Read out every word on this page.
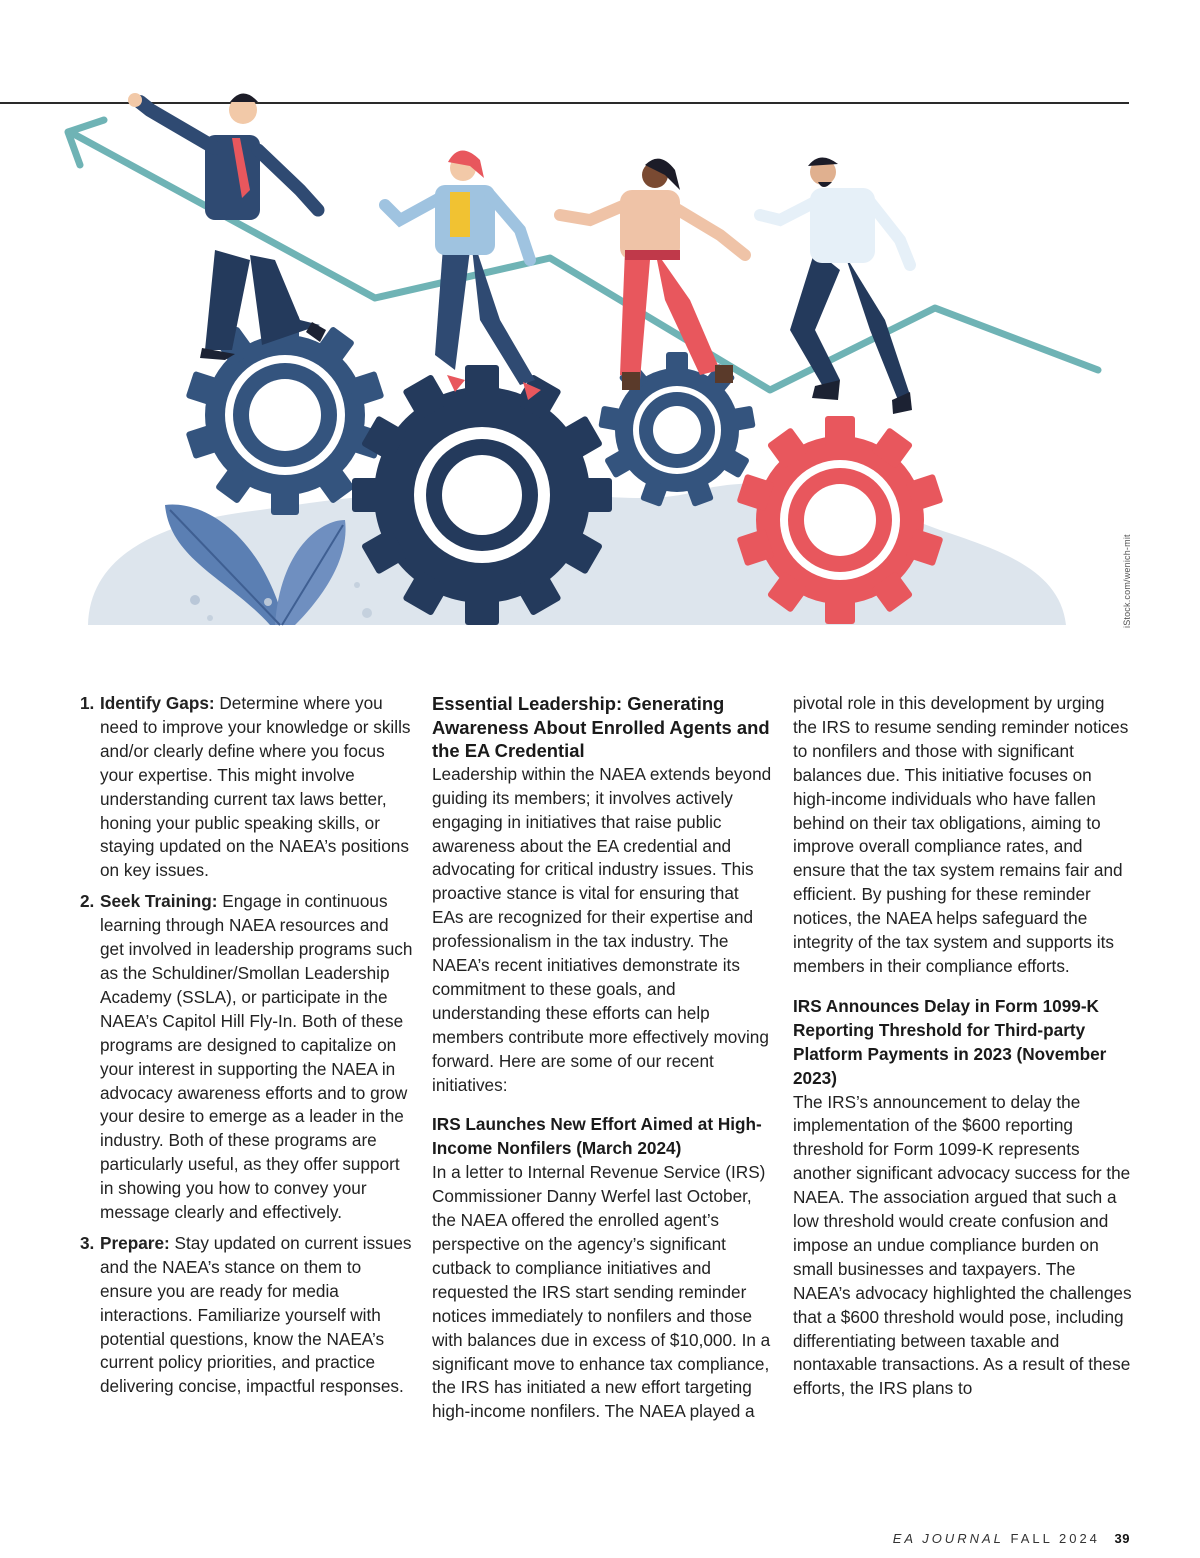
iStock.com/wenich-mit
1. Identify Gaps: Determine where you need to improve your knowledge or skills and/or clearly define where you focus your expertise. This might involve understanding current tax laws better, honing your public speaking skills, or staying updated on the NAEA’s positions on key issues.
2. Seek Training: Engage in continuous learning through NAEA resources and get involved in leadership programs such as the Schuldiner/Smollan Leadership Academy (SSLA), or participate in the NAEA’s Capitol Hill Fly-In. Both of these programs are designed to capitalize on your interest in supporting the NAEA in advocacy awareness efforts and to grow your desire to emerge as a leader in the industry. Both of these programs are particularly useful, as they offer support in showing you how to convey your message clearly and effectively.
3. Prepare: Stay updated on current issues and the NAEA’s stance on them to ensure you are ready for media interactions. Familiarize yourself with potential questions, know the NAEA’s current policy priorities, and practice delivering concise, impactful responses.
Essential Leadership: Generating Awareness About Enrolled Agents and the EA Credential

Leadership within the NAEA extends beyond guiding its members; it involves actively engaging in initiatives that raise public awareness about the EA credential and advocating for critical industry issues. This proactive stance is vital for ensuring that EAs are recognized for their expertise and professionalism in the tax industry. The NAEA’s recent initiatives demonstrate its commitment to these goals, and understanding these efforts can help members contribute more effectively moving forward. Here are some of our recent initiatives:

IRS Launches New Effort Aimed at High-Income Nonfilers (March 2024)

In a letter to Internal Revenue Service (IRS) Commissioner Danny Werfel last October, the NAEA offered the enrolled agent’s perspective on the agency’s significant cutback to compliance initiatives and requested the IRS start sending reminder notices immediately to nonfilers and those with balances due in excess of $10,000. In a significant move to enhance tax compliance, the IRS has initiated a new effort targeting high-income nonfilers. The NAEA played a

pivotal role in this development by urging the IRS to resume sending reminder notices to nonfilers and those with significant balances due. This initiative focuses on high-income individuals who have fallen behind on their tax obligations, aiming to improve overall compliance rates, and ensure that the tax system remains fair and efficient. By pushing for these reminder notices, the NAEA helps safeguard the integrity of the tax system and supports its members in their compliance efforts.

IRS Announces Delay in Form 1099-K Reporting Threshold for Third-party Platform Payments in 2023 (November 2023)

The IRS’s announcement to delay the implementation of the $600 reporting threshold for Form 1099-K represents another significant advocacy success for the NAEA. The association argued that such a low threshold would create confusion and impose an undue compliance burden on small businesses and taxpayers. The NAEA’s advocacy highlighted the challenges that a $600 threshold would pose, including differentiating between taxable and nontaxable transactions. As a result of these efforts, the IRS plans to

EA JOURNAL FALL 2024 39
